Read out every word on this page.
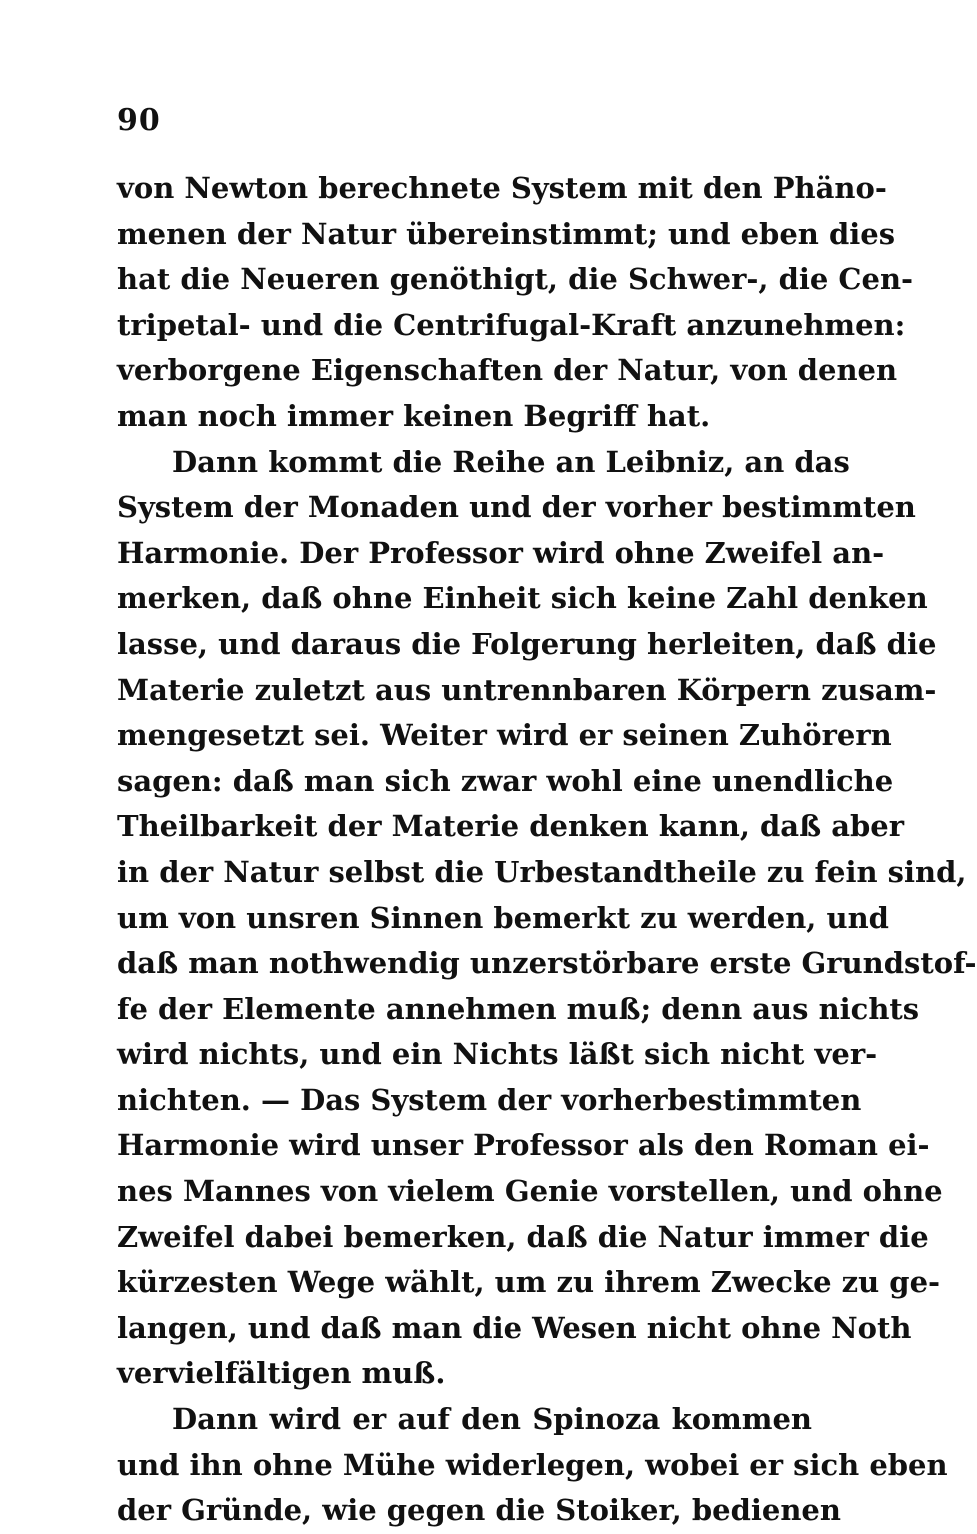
90
von Newton berechnete System mit den Phäno-
menen der Natur übereinstimmt; und eben dies
hat die Neueren genöthigt, die Schwer-, die Cen-
tripetal- und die Centrifugal-Kraft anzunehmen:
verborgene Eigenschaften der Natur, von denen
man noch immer keinen Begriff hat.
Dann kommt die Reihe an Leibniz, an das
System der Monaden und der vorher bestimmten
Harmonie. Der Professor wird ohne Zweifel an-
merken, daß ohne Einheit sich keine Zahl denken
lasse, und daraus die Folgerung herleiten, daß die
Materie zuletzt aus untrennbaren Körpern zusam-
mengesetzt sei. Weiter wird er seinen Zuhörern
sagen: daß man sich zwar wohl eine unendliche
Theilbarkeit der Materie denken kann, daß aber
in der Natur selbst die Urbestandtheile zu fein sind,
um von unsren Sinnen bemerkt zu werden, und
daß man nothwendig unzerstörbare erste Grundstof-
fe der Elemente annehmen muß; denn aus nichts
wird nichts, und ein Nichts läßt sich nicht ver-
nichten. — Das System der vorherbestimmten
Harmonie wird unser Professor als den Roman ei-
nes Mannes von vielem Genie vorstellen, und ohne
Zweifel dabei bemerken, daß die Natur immer die
kürzesten Wege wählt, um zu ihrem Zwecke zu ge-
langen, und daß man die Wesen nicht ohne Noth
vervielfältigen muß.
Dann wird er auf den Spinoza kommen
und ihn ohne Mühe widerlegen, wobei er sich eben
der Gründe, wie gegen die Stoiker, bedienen
